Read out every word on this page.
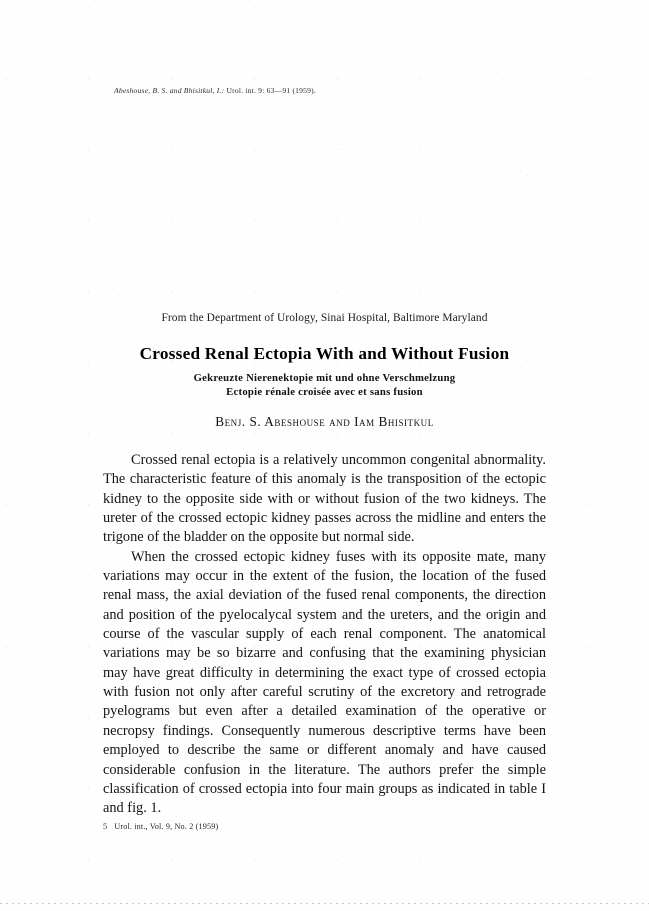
Abeshouse, B. S. and Bhisitkul, I.: Urol. int. 9: 63—91 (1959).
From the Department of Urology, Sinai Hospital, Baltimore Maryland
Crossed Renal Ectopia With and Without Fusion
Gekreuzte Nierenektopie mit und ohne Verschmelzung
Ectopie rénale croisée avec et sans fusion
Benj. S. Abeshouse and Iam Bhisitkul

Crossed renal ectopia is a relatively uncommon congenital abnormality. The characteristic feature of this anomaly is the transposition of the ectopic kidney to the opposite side with or without fusion of the two kidneys. The ureter of the crossed ectopic kidney passes across the midline and enters the trigone of the bladder on the opposite but normal side.

When the crossed ectopic kidney fuses with its opposite mate, many variations may occur in the extent of the fusion, the location of the fused renal mass, the axial deviation of the fused renal components, the direction and position of the pyelocalycal system and the ureters, and the origin and course of the vascular supply of each renal component. The anatomical variations may be so bizarre and confusing that the examining physician may have great difficulty in determining the exact type of crossed ectopia with fusion not only after careful scrutiny of the excretory and retrograde pyelograms but even after a detailed examination of the operative or necropsy findings. Consequently numerous descriptive terms have been employed to describe the same or different anomaly and have caused considerable confusion in the literature. The authors prefer the simple classification of crossed ectopia into four main groups as indicated in table I and fig. 1.

5 Urol. int., Vol. 9, No. 2 (1959)
